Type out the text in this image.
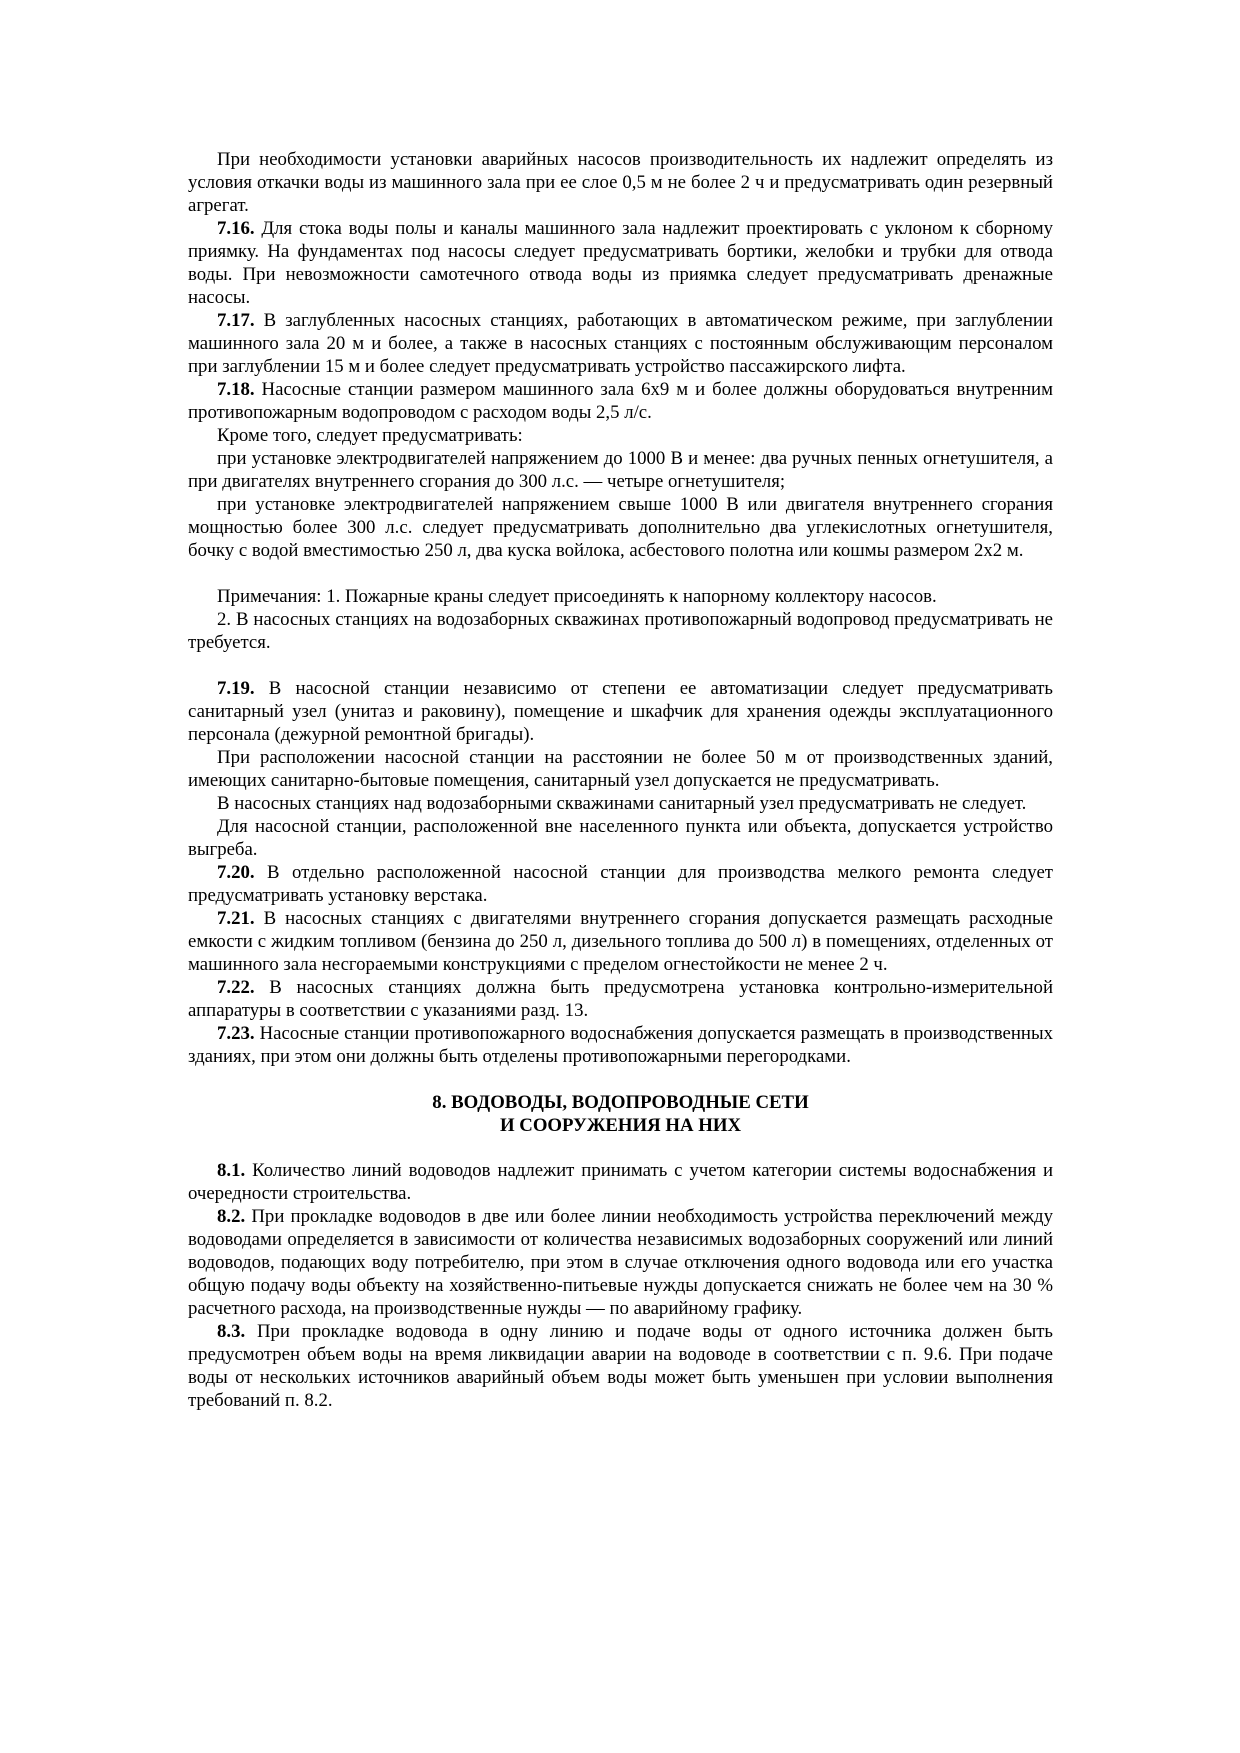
При необходимости установки аварийных насосов производительность их надлежит определять из условия откачки воды из машинного зала при ее слое 0,5 м не более 2 ч и предусматривать один резервный агрегат.

7.16. Для стока воды полы и каналы машинного зала надлежит проектировать с уклоном к сборному приямку. На фундаментах под насосы следует предусматривать бортики, желобки и трубки для отвода воды. При невозможности самотечного отвода воды из приямка следует предусматривать дренажные насосы.

7.17. В заглубленных насосных станциях, работающих в автоматическом режиме, при заглублении машинного зала 20 м и более, а также в насосных станциях с постоянным обслуживающим персоналом при заглублении 15 м и более следует предусматривать устройство пассажирского лифта.

7.18. Насосные станции размером машинного зала 6х9 м и более должны оборудоваться внутренним противопожарным водопроводом с расходом воды 2,5 л/с.

Кроме того, следует предусматривать:

при установке электродвигателей напряжением до 1000 В и менее: два ручных пенных огнетушителя, а при двигателях внутреннего сгорания до 300 л.с. — четыре огнетушителя;

при установке электродвигателей напряжением свыше 1000 В или двигателя внутреннего сгорания мощностью более 300 л.с. следует предусматривать дополнительно два углекислотных огнетушителя, бочку с водой вместимостью 250 л, два куска войлока, асбестового полотна или кошмы размером 2х2 м.

Примечания: 1. Пожарные краны следует присоединять к напорному коллектору насосов.

2. В насосных станциях на водозаборных скважинах противопожарный водопровод предусматривать не требуется.

7.19. В насосной станции независимо от степени ее автоматизации следует предусматривать санитарный узел (унитаз и раковину), помещение и шкафчик для хранения одежды эксплуатационного персонала (дежурной ремонтной бригады).

При расположении насосной станции на расстоянии не более 50 м от производственных зданий, имеющих санитарно-бытовые помещения, санитарный узел допускается не предусматривать.

В насосных станциях над водозаборными скважинами санитарный узел предусматривать не следует.

Для насосной станции, расположенной вне населенного пункта или объекта, допускается устройство выгреба.

7.20. В отдельно расположенной насосной станции для производства мелкого ремонта следует предусматривать установку верстака.

7.21. В насосных станциях с двигателями внутреннего сгорания допускается размещать расходные емкости с жидким топливом (бензина до 250 л, дизельного топлива до 500 л) в помещениях, отделенных от машинного зала несгораемыми конструкциями с пределом огнестойкости не менее 2 ч.

7.22. В насосных станциях должна быть предусмотрена установка контрольно-измерительной аппаратуры в соответствии с указаниями разд. 13.

7.23. Насосные станции противопожарного водоснабжения допускается размещать в производственных зданиях, при этом они должны быть отделены противопожарными перегородками.

8. ВОДОВОДЫ, ВОДОПРОВОДНЫЕ СЕТИ
И СООРУЖЕНИЯ НА НИХ

8.1. Количество линий водоводов надлежит принимать с учетом категории системы водоснабжения и очередности строительства.

8.2. При прокладке водоводов в две или более линии необходимость устройства переключений между водоводами определяется в зависимости от количества независимых водозаборных сооружений или линий водоводов, подающих воду потребителю, при этом в случае отключения одного водовода или его участка общую подачу воды объекту на хозяйственно-питьевые нужды допускается снижать не более чем на 30 % расчетного расхода, на производственные нужды — по аварийному графику.

8.3. При прокладке водовода в одну линию и подаче воды от одного источника должен быть предусмотрен объем воды на время ликвидации аварии на водоводе в соответствии с п. 9.6. При подаче воды от нескольких источников аварийный объем воды может быть уменьшен при условии выполнения требований п. 8.2.
